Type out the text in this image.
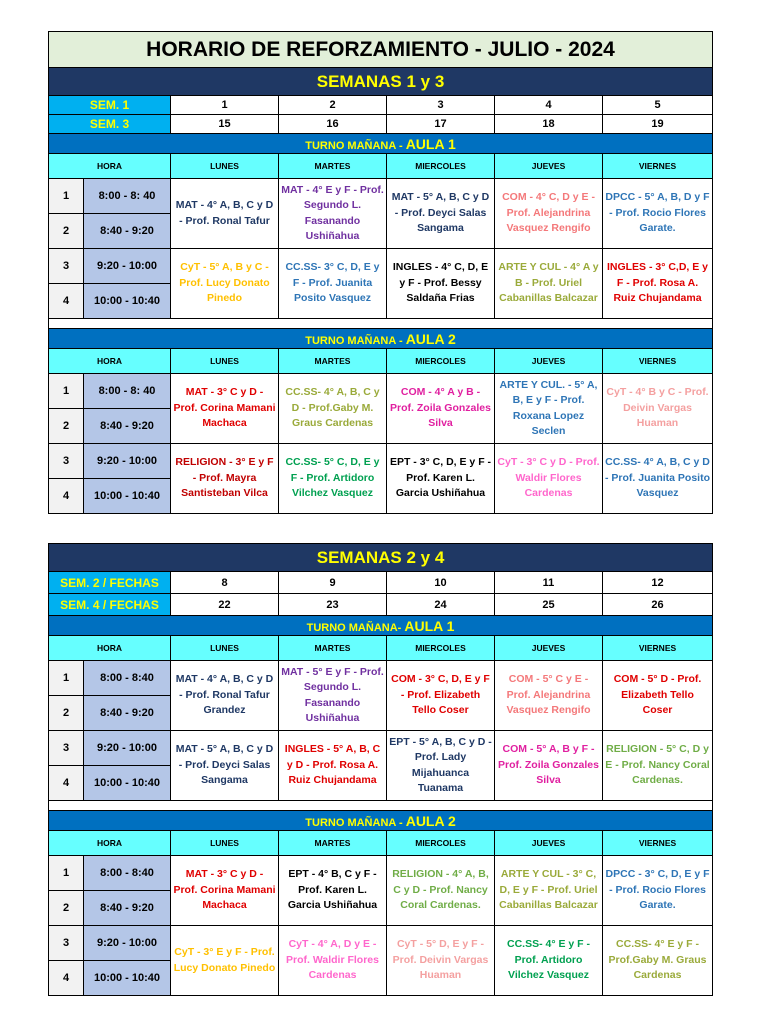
HORARIO DE REFORZAMIENTO - JULIO - 2024						
SEMANAS 1 y 3						
SEM. 1		1	2	3	4	5
SEM. 3		15	16	17	18	19
TURNO MAÑANA - AULA 1						
HORA		LUNES	MARTES	MIERCOLES	JUEVES	VIERNES
1	8:00 - 8: 40	MAT - 4° A, B, C y D - Prof. Ronal Tafur	MAT - 4° E y F - Prof. Segundo L. Fasanando Ushiñahua	MAT - 5° A, B, C y D - Prof. Deyci Salas Sangama	COM - 4° C, D y E - Prof. Alejandrina Vasquez Rengifo	DPCC - 5° A, B, D y F - Prof. Rocio Flores Garate.
2	8:40 - 9:20					
3	9:20 - 10:00	CyT - 5° A, B y C - Prof. Lucy Donato Pinedo	CC.SS- 3° C, D, E y F - Prof. Juanita Posito Vasquez	INGLES - 4° C, D, E y F - Prof. Bessy Saldaña Frias	ARTE Y CUL - 4° A y B - Prof. Uriel Cabanillas Balcazar	INGLES - 3° C,D, E y F - Prof. Rosa A. Ruiz Chujandama
4	10:00 - 10:40					

TURNO MAÑANA - AULA 2						
HORA		LUNES	MARTES	MIERCOLES	JUEVES	VIERNES
1	8:00 - 8: 40	MAT - 3° C y D - Prof. Corina Mamani Machaca	CC.SS- 4° A, B, C y D - Prof.Gaby M. Graus Cardenas	COM - 4° A y B - Prof. Zoila Gonzales Silva	ARTE Y CUL. - 5° A, B, E y F - Prof. Roxana Lopez Seclen	CyT - 4° B y C - Prof. Deivin Vargas Huaman
2	8:40 - 9:20					
3	9:20 - 10:00	RELIGION - 3° E y F - Prof. Mayra Santisteban Vilca	CC.SS- 5° C, D, E y F - Prof. Artidoro Vilchez Vasquez	EPT - 3° C, D, E y F - Prof. Karen L. Garcia Ushiñahua	CyT - 3° C y D - Prof. Waldir Flores Cardenas	CC.SS- 4° A, B, C y D - Prof. Juanita Posito Vasquez
4	10:00 - 10:40					
SEMANAS 2 y 4						
SEM. 2 / FECHAS		8	9	10	11	12
SEM. 4 / FECHAS		22	23	24	25	26
TURNO MAÑANA- AULA 1						
HORA		LUNES	MARTES	MIERCOLES	JUEVES	VIERNES
1	8:00 - 8:40	MAT - 4° A, B, C y D - Prof. Ronal Tafur Grandez	MAT - 5° E y F - Prof. Segundo L. Fasanando Ushiñahua	COM - 3° C, D, E y F - Prof. Elizabeth Tello Coser	COM - 5° C y E - Prof. Alejandrina Vasquez Rengifo	COM - 5° D - Prof. Elizabeth Tello Coser
2	8:40 - 9:20					
3	9:20 - 10:00	MAT - 5° A, B, C y D - Prof. Deyci Salas Sangama	INGLES - 5° A, B, C y D - Prof. Rosa A. Ruiz Chujandama	EPT - 5° A, B, C y D - Prof. Lady Mijahuanca Tuanama	COM - 5° A, B y F - Prof. Zoila Gonzales Silva	RELIGION - 5° C, D y E - Prof. Nancy Coral Cardenas.
4	10:00 - 10:40					

TURNO MAÑANA - AULA 2						
HORA		LUNES	MARTES	MIERCOLES	JUEVES	VIERNES
1	8:00 - 8:40	MAT - 3° C y D - Prof. Corina Mamani Machaca	EPT - 4° B, C y F - Prof. Karen L. Garcia Ushiñahua	RELIGION - 4° A, B, C y D - Prof. Nancy Coral Cardenas.	ARTE Y CUL - 3° C, D, E y F - Prof. Uriel Cabanillas Balcazar	DPCC - 3° C, D, E y F - Prof. Rocio Flores Garate.
2	8:40 - 9:20					
3	9:20 - 10:00	CyT - 3° E y F - Prof. Lucy Donato Pinedo	CyT - 4° A, D y E - Prof. Waldir Flores Cardenas	CyT - 5° D, E y F - Prof. Deivin Vargas Huaman	CC.SS- 4° E y F - Prof. Artidoro Vilchez Vasquez	CC.SS- 4° E y F - Prof.Gaby M. Graus Cardenas
4	10:00 - 10:40					
